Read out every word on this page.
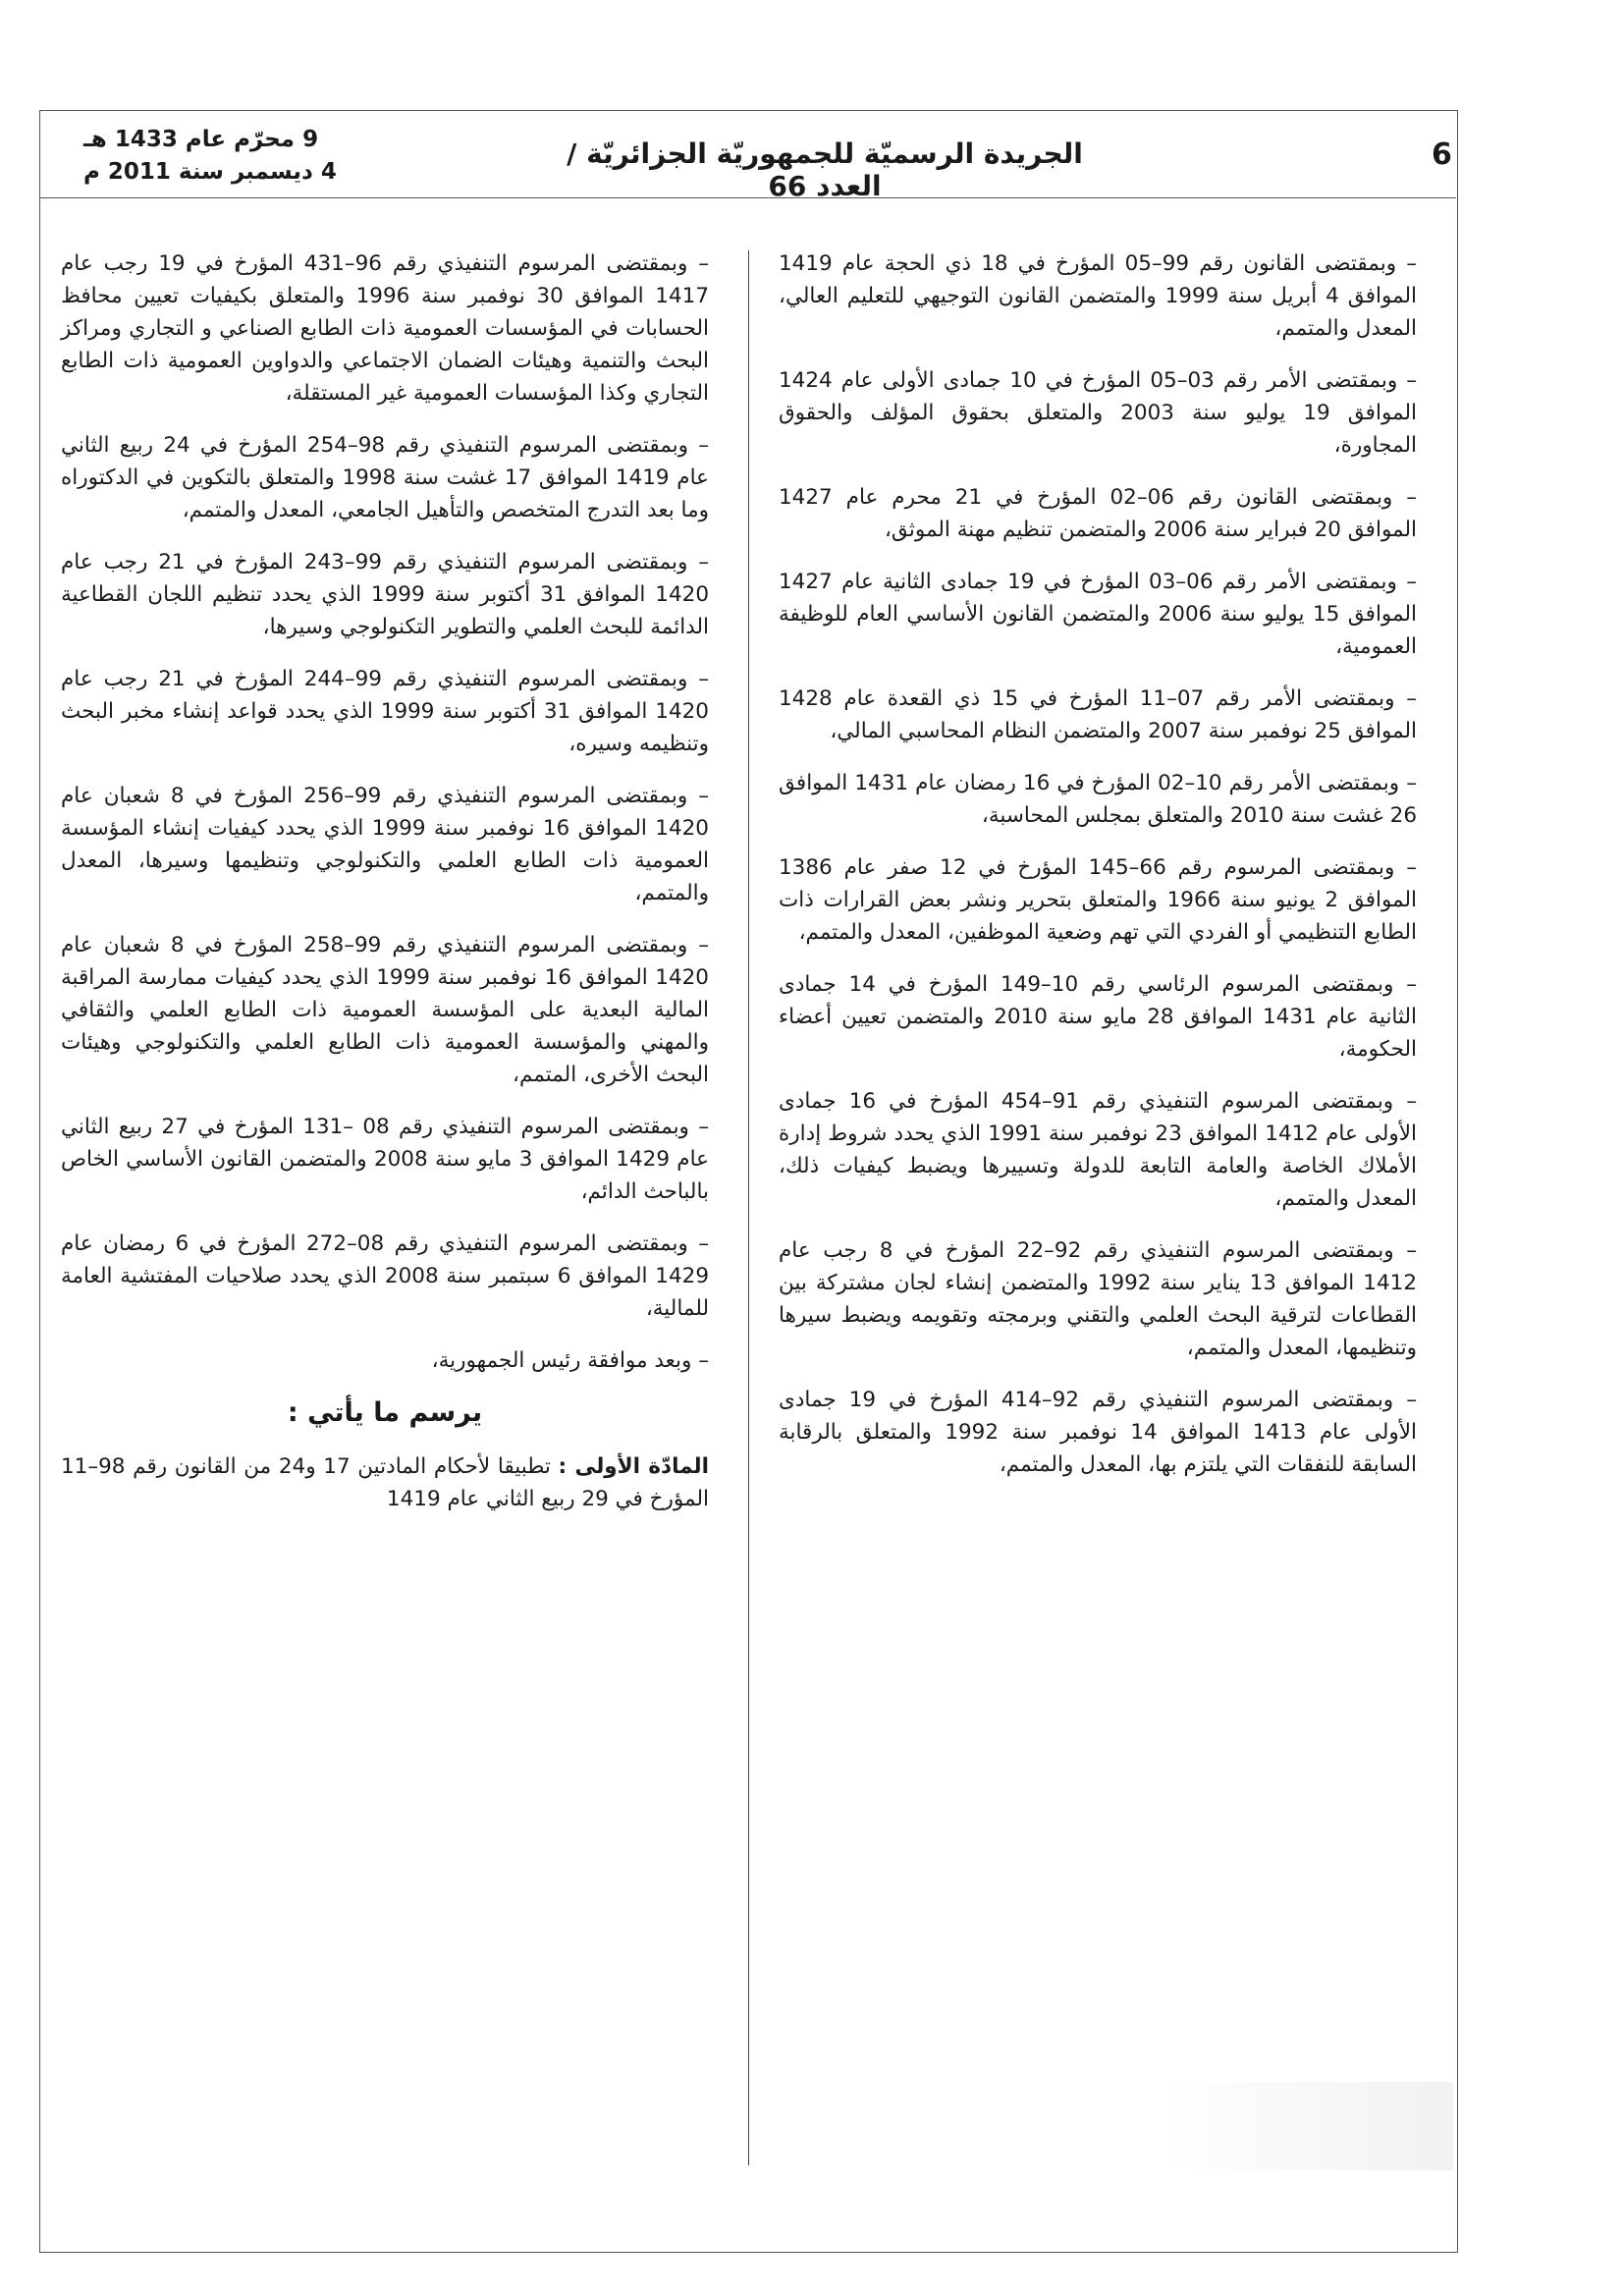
6
الجريدة الرسميّة للجمهوريّة الجزائريّة / العدد 66
9 محرّم عام 1433 هـ
4 ديسمبر سنة 2011 م

– وبمقتضى القانون رقم 99–05 المؤرخ في 18 ذي الحجة عام 1419 الموافق 4 أبريل سنة 1999 والمتضمن القانون التوجيهي للتعليم العالي، المعدل والمتمم،

– وبمقتضى الأمر رقم 03–05 المؤرخ في 10 جمادى الأولى عام 1424 الموافق 19 يوليو سنة 2003 والمتعلق بحقوق المؤلف والحقوق المجاورة،

– وبمقتضى القانون رقم 06–02 المؤرخ في 21 محرم عام 1427 الموافق 20 فبراير سنة 2006 والمتضمن تنظيم مهنة الموثق،

– وبمقتضى الأمر رقم 06–03 المؤرخ في 19 جمادى الثانية عام 1427 الموافق 15 يوليو سنة 2006 والمتضمن القانون الأساسي العام للوظيفة العمومية،

– وبمقتضى الأمر رقم 07–11 المؤرخ في 15 ذي القعدة عام 1428 الموافق 25 نوفمبر سنة 2007 والمتضمن النظام المحاسبي المالي،

– وبمقتضى الأمر رقم 10–02 المؤرخ في 16 رمضان عام 1431 الموافق 26 غشت سنة 2010 والمتعلق بمجلس المحاسبة،

– وبمقتضى المرسوم رقم 66–145 المؤرخ في 12 صفر عام 1386 الموافق 2 يونيو سنة 1966 والمتعلق بتحرير ونشر بعض القرارات ذات الطابع التنظيمي أو الفردي التي تهم وضعية الموظفين، المعدل والمتمم،

– وبمقتضى المرسوم الرئاسي رقم 10–149 المؤرخ في 14 جمادى الثانية عام 1431 الموافق 28 مايو سنة 2010 والمتضمن تعيين أعضاء الحكومة،

– وبمقتضى المرسوم التنفيذي رقم 91–454 المؤرخ في 16 جمادى الأولى عام 1412 الموافق 23 نوفمبر سنة 1991 الذي يحدد شروط إدارة الأملاك الخاصة والعامة التابعة للدولة وتسييرها ويضبط كيفيات ذلك، المعدل والمتمم،

– وبمقتضى المرسوم التنفيذي رقم 92–22 المؤرخ في 8 رجب عام 1412 الموافق 13 يناير سنة 1992 والمتضمن إنشاء لجان مشتركة بين القطاعات لترقية البحث العلمي والتقني وبرمجته وتقويمه ويضبط سيرها وتنظيمها، المعدل والمتمم،

– وبمقتضى المرسوم التنفيذي رقم 92–414 المؤرخ في 19 جمادى الأولى عام 1413 الموافق 14 نوفمبر سنة 1992 والمتعلق بالرقابة السابقة للنفقات التي يلتزم بها، المعدل والمتمم،

– وبمقتضى المرسوم التنفيذي رقم 96–431 المؤرخ في 19 رجب عام 1417 الموافق 30 نوفمبر سنة 1996 والمتعلق بكيفيات تعيين محافظ الحسابات في المؤسسات العمومية ذات الطابع الصناعي و التجاري ومراكز البحث والتنمية وهيئات الضمان الاجتماعي والدواوين العمومية ذات الطابع التجاري وكذا المؤسسات العمومية غير المستقلة،

– وبمقتضى المرسوم التنفيذي رقم 98–254 المؤرخ في 24 ربيع الثاني عام 1419 الموافق 17 غشت سنة 1998 والمتعلق بالتكوين في الدكتوراه وما بعد التدرج المتخصص والتأهيل الجامعي، المعدل والمتمم،

– وبمقتضى المرسوم التنفيذي رقم 99–243 المؤرخ في 21 رجب عام 1420 الموافق 31 أكتوبر سنة 1999 الذي يحدد تنظيم اللجان القطاعية الدائمة للبحث العلمي والتطوير التكنولوجي وسيرها،

– وبمقتضى المرسوم التنفيذي رقم 99–244 المؤرخ في 21 رجب عام 1420 الموافق 31 أكتوبر سنة 1999 الذي يحدد قواعد إنشاء مخبر البحث وتنظيمه وسيره،

– وبمقتضى المرسوم التنفيذي رقم 99–256 المؤرخ في 8 شعبان عام 1420 الموافق 16 نوفمبر سنة 1999 الذي يحدد كيفيات إنشاء المؤسسة العمومية ذات الطابع العلمي والتكنولوجي وتنظيمها وسيرها، المعدل والمتمم،

– وبمقتضى المرسوم التنفيذي رقم 99–258 المؤرخ في 8 شعبان عام 1420 الموافق 16 نوفمبر سنة 1999 الذي يحدد كيفيات ممارسة المراقبة المالية البعدية على المؤسسة العمومية ذات الطابع العلمي والثقافي والمهني والمؤسسة العمومية ذات الطابع العلمي والتكنولوجي وهيئات البحث الأخرى، المتمم،

– وبمقتضى المرسوم التنفيذي رقم 08 –131 المؤرخ في 27 ربيع الثاني عام 1429 الموافق 3 مايو سنة 2008 والمتضمن القانون الأساسي الخاص بالباحث الدائم،

– وبمقتضى المرسوم التنفيذي رقم 08–272 المؤرخ في 6 رمضان عام 1429 الموافق 6 سبتمبر سنة 2008 الذي يحدد صلاحيات المفتشية العامة للمالية،

– وبعد موافقة رئيس الجمهورية،

يرسم ما يأتي :

المادّة الأولى : تطبيقا لأحكام المادتين 17 و24 من القانون رقم 98–11 المؤرخ في 29 ربيع الثاني عام 1419
